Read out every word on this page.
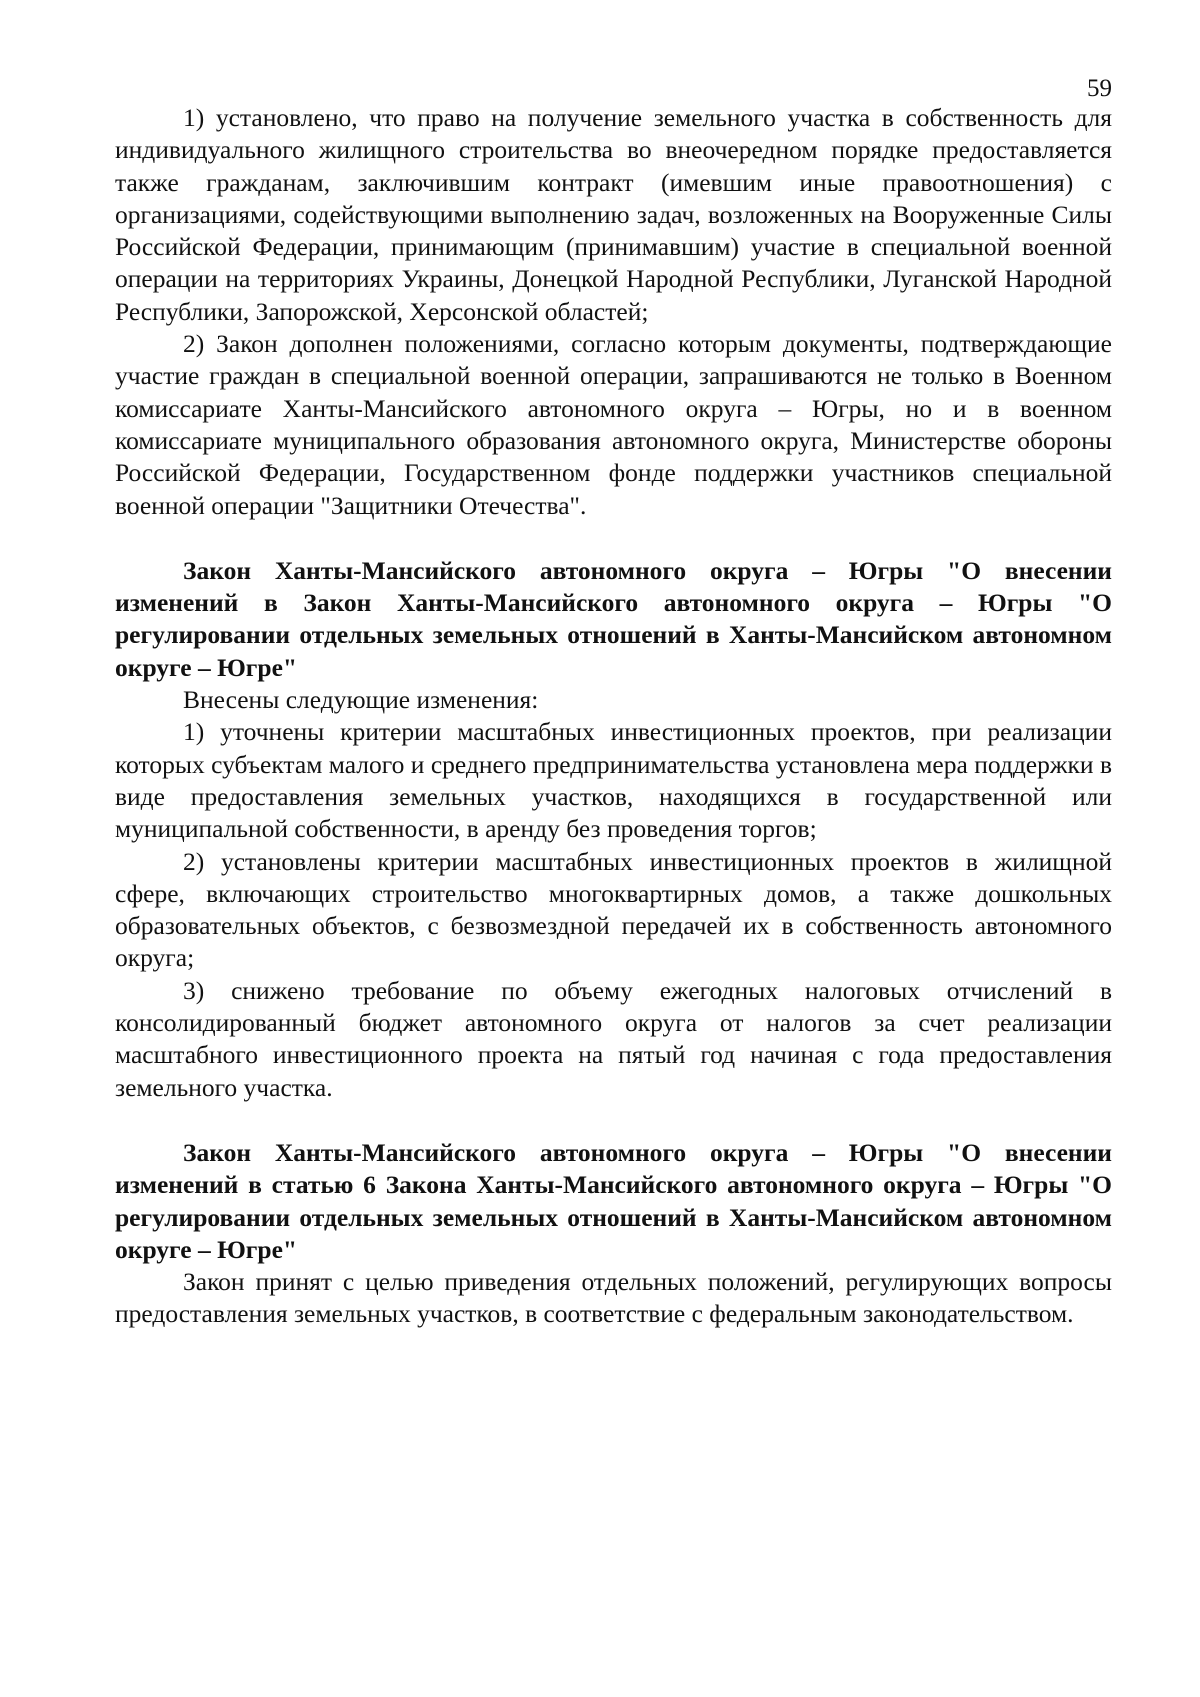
59

1) установлено, что право на получение земельного участка в собственность для индивидуального жилищного строительства во внеочередном порядке предоставляется также гражданам, заключившим контракт (имевшим иные правоотношения) с организациями, содействующими выполнению задач, возложенных на Вооруженные Силы Российской Федерации, принимающим (принимавшим) участие в специальной военной операции на территориях Украины, Донецкой Народной Республики, Луганской Народной Республики, Запорожской, Херсонской областей;

2) Закон дополнен положениями, согласно которым документы, подтверждающие участие граждан в специальной военной операции, запрашиваются не только в Военном комиссариате Ханты-Мансийского автономного округа – Югры, но и в военном комиссариате муниципального образования автономного округа, Министерстве обороны Российской Федерации, Государственном фонде поддержки участников специальной военной операции "Защитники Отечества".

Закон Ханты-Мансийского автономного округа – Югры "О внесении изменений в Закон Ханты-Мансийского автономного округа – Югры "О регулировании отдельных земельных отношений в Ханты-Мансийском автономном округе – Югре"

Внесены следующие изменения:

1) уточнены критерии масштабных инвестиционных проектов, при реализации которых субъектам малого и среднего предпринимательства установлена мера поддержки в виде предоставления земельных участков, находящихся в государственной или муниципальной собственности, в аренду без проведения торгов;

2) установлены критерии масштабных инвестиционных проектов в жилищной сфере, включающих строительство многоквартирных домов, а также дошкольных образовательных объектов, с безвозмездной передачей их в собственность автономного округа;

3) снижено требование по объему ежегодных налоговых отчислений в консолидированный бюджет автономного округа от налогов за счет реализации масштабного инвестиционного проекта на пятый год начиная с года предоставления земельного участка.

Закон Ханты-Мансийского автономного округа – Югры "О внесении изменений в статью 6 Закона Ханты-Мансийского автономного округа – Югры "О регулировании отдельных земельных отношений в Ханты-Мансийском автономном округе – Югре"

Закон принят с целью приведения отдельных положений, регулирующих вопросы предоставления земельных участков, в соответствие с федеральным законодательством.
